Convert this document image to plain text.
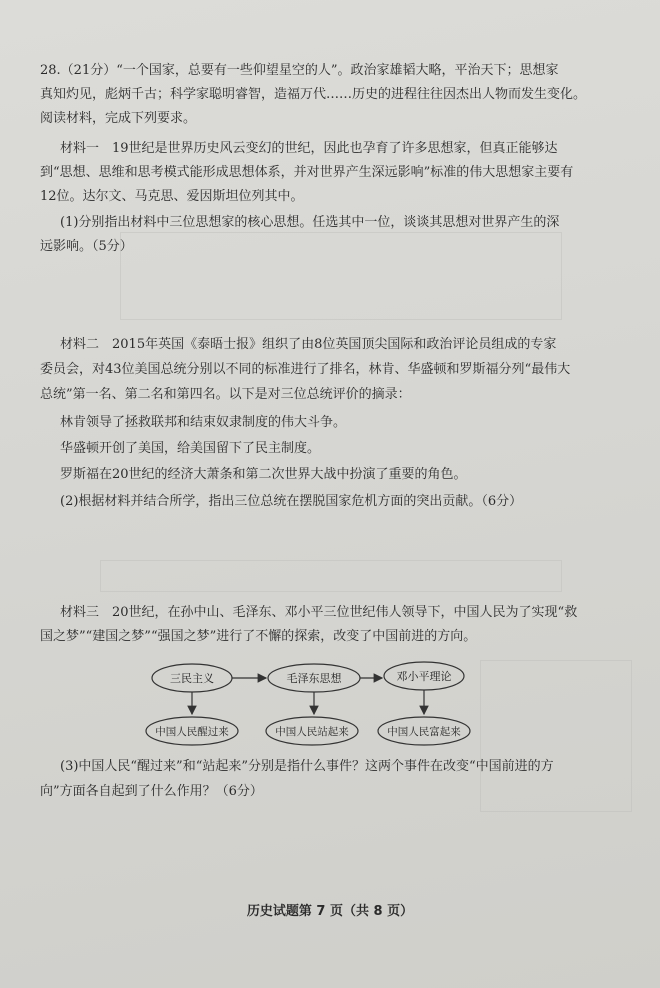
28.（21分）“一个国家，总要有一些仰望星空的人”。政治家雄韬大略，平治天下；思想家
真知灼见，彪炳千古；科学家聪明睿智，造福万代……历史的进程往往因杰出人物而发生变化。
阅读材料，完成下列要求。
材料一　19世纪是世界历史风云变幻的世纪，因此也孕育了许多思想家，但真正能够达
到“思想、思维和思考模式能形成思想体系，并对世界产生深远影响”标准的伟大思想家主要有
12位。达尔文、马克思、爱因斯坦位列其中。
(1)分别指出材料中三位思想家的核心思想。任选其中一位，谈谈其思想对世界产生的深
远影响。（5分）
材料二　2015年英国《泰晤士报》组织了由8位英国顶尖国际和政治评论员组成的专家
委员会，对43位美国总统分别以不同的标准进行了排名，林肯、华盛顿和罗斯福分列“最伟大
总统”第一名、第二名和第四名。以下是对三位总统评价的摘录：
林肯领导了拯救联邦和结束奴隶制度的伟大斗争。
华盛顿开创了美国，给美国留下了民主制度。
罗斯福在20世纪的经济大萧条和第二次世界大战中扮演了重要的角色。
(2)根据材料并结合所学，指出三位总统在摆脱国家危机方面的突出贡献。（6分）
材料三　20世纪，在孙中山、毛泽东、邓小平三位世纪伟人领导下，中国人民为了实现“救
国之梦”“建国之梦”“强国之梦”进行了不懈的探索，改变了中国前进的方向。
三民主义	毛泽东思想	邓小平理论
中国人民醒过来	中国人民站起来	中国人民富起来
(3)中国人民“醒过来”和“站起来”分别是指什么事件？这两个事件在改变“中国前进的方
向”方面各自起到了什么作用？（6分）
历史试题第 7 页（共 8 页）
